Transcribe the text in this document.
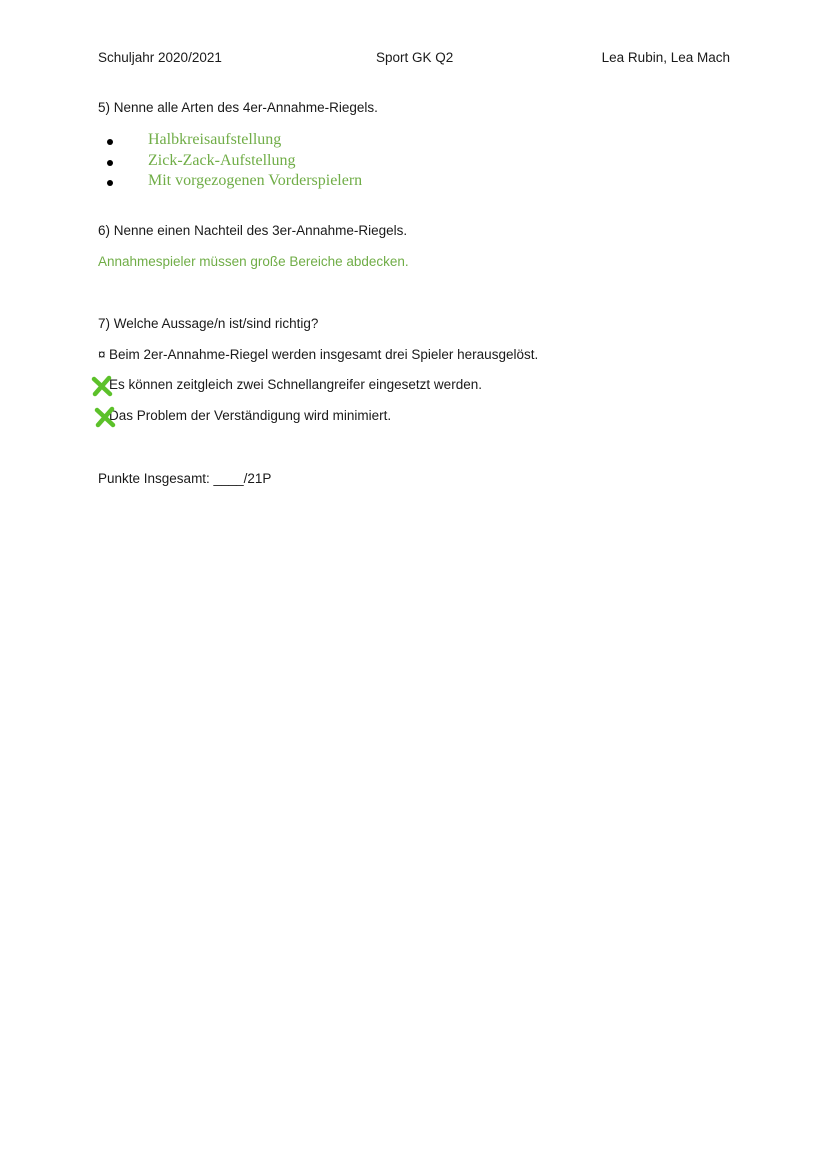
Schuljahr 2020/2021	Sport GK Q2	Lea Rubin, Lea Mach
5) Nenne alle Arten des 4er-Annahme-Riegels.
Halbkreisaufstellung
Zick-Zack-Aufstellung
Mit vorgezogenen Vorderspielern
6) Nenne einen Nachteil des 3er-Annahme-Riegels.
Annahmespieler müssen große Bereiche abdecken.
7) Welche Aussage/n ist/sind richtig?
¤ Beim 2er-Annahme-Riegel werden insgesamt drei Spieler herausgelöst.
Es können zeitgleich zwei Schnellangreifer eingesetzt werden.
Das Problem der Verständigung wird minimiert.
Punkte Insgesamt: ____/21P
